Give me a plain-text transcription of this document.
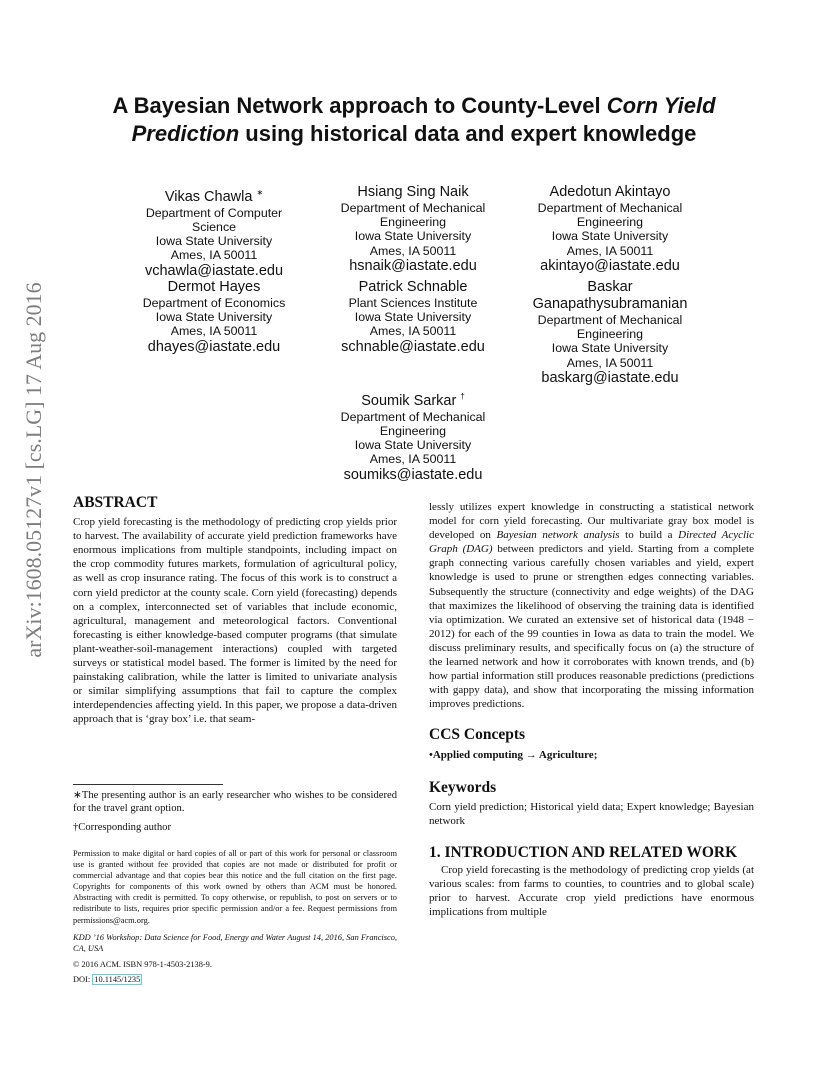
arXiv:1608.05127v1 [cs.LG] 17 Aug 2016
A Bayesian Network approach to County-Level Corn Yield
Prediction using historical data and expert knowledge
Vikas Chawla ∗
Department of Computer
Science
Iowa State University
Ames, IA 50011
vchawla@iastate.edu
Hsiang Sing Naik
Department of Mechanical
Engineering
Iowa State University
Ames, IA 50011
hsnaik@iastate.edu
Adedotun Akintayo
Department of Mechanical
Engineering
Iowa State University
Ames, IA 50011
akintayo@iastate.edu
Dermot Hayes
Department of Economics
Iowa State University
Ames, IA 50011
dhayes@iastate.edu
Patrick Schnable
Plant Sciences Institute
Iowa State University
Ames, IA 50011
schnable@iastate.edu
Baskar
Ganapathysubramanian
Department of Mechanical
Engineering
Iowa State University
Ames, IA 50011
baskarg@iastate.edu
Soumik Sarkar †
Department of Mechanical
Engineering
Iowa State University
Ames, IA 50011
soumiks@iastate.edu
ABSTRACT

Crop yield forecasting is the methodology of predicting crop yields prior to harvest. The availability of accurate yield prediction frameworks have enormous implications from multiple standpoints, including impact on the crop commodity futures markets, formulation of agricultural policy, as well as crop insurance rating. The focus of this work is to construct a corn yield predictor at the county scale. Corn yield (forecasting) depends on a complex, interconnected set of variables that include economic, agricultural, management and meteorological factors. Conventional forecasting is either knowledge-based computer programs (that simulate plant-weather-soil-management interactions) coupled with targeted surveys or statistical model based. The former is limited by the need for painstaking calibration, while the latter is limited to univariate analysis or similar simplifying assumptions that fail to capture the complex interdependencies affecting yield. In this paper, we propose a data-driven approach that is ‘gray box’ i.e. that seam-

∗The presenting author is an early researcher who wishes to be considered for the travel grant option.
†Corresponding author
Permission to make digital or hard copies of all or part of this work for personal or classroom use is granted without fee provided that copies are not made or distributed for profit or commercial advantage and that copies bear this notice and the full citation on the first page. Copyrights for components of this work owned by others than ACM must be honored. Abstracting with credit is permitted. To copy otherwise, or republish, to post on servers or to redistribute to lists, requires prior specific permission and/or a fee. Request permissions from permissions@acm.org.
KDD ’16 Workshop: Data Science for Food, Energy and Water August 14, 2016, San Francisco, CA, USA
© 2016 ACM. ISBN 978-1-4503-2138-9.
DOI: 10.1145/1235

lessly utilizes expert knowledge in constructing a statistical network model for corn yield forecasting. Our multivariate gray box model is developed on Bayesian network analysis to build a Directed Acyclic Graph (DAG) between predictors and yield. Starting from a complete graph connecting various carefully chosen variables and yield, expert knowledge is used to prune or strengthen edges connecting variables. Subsequently the structure (connectivity and edge weights) of the DAG that maximizes the likelihood of observing the training data is identified via optimization. We curated an extensive set of historical data (1948 − 2012) for each of the 99 counties in Iowa as data to train the model. We discuss preliminary results, and specifically focus on (a) the structure of the learned network and how it corroborates with known trends, and (b) how partial information still produces reasonable predictions (predictions with gappy data), and show that incorporating the missing information improves predictions.

CCS Concepts
•Applied computing → Agriculture;
Keywords
Corn yield prediction; Historical yield data; Expert knowledge; Bayesian network
1. INTRODUCTION AND RELATED WORK

Crop yield forecasting is the methodology of predicting crop yields (at various scales: from farms to counties, to countries and to global scale) prior to harvest. Accurate crop yield predictions have enormous implications from multiple
